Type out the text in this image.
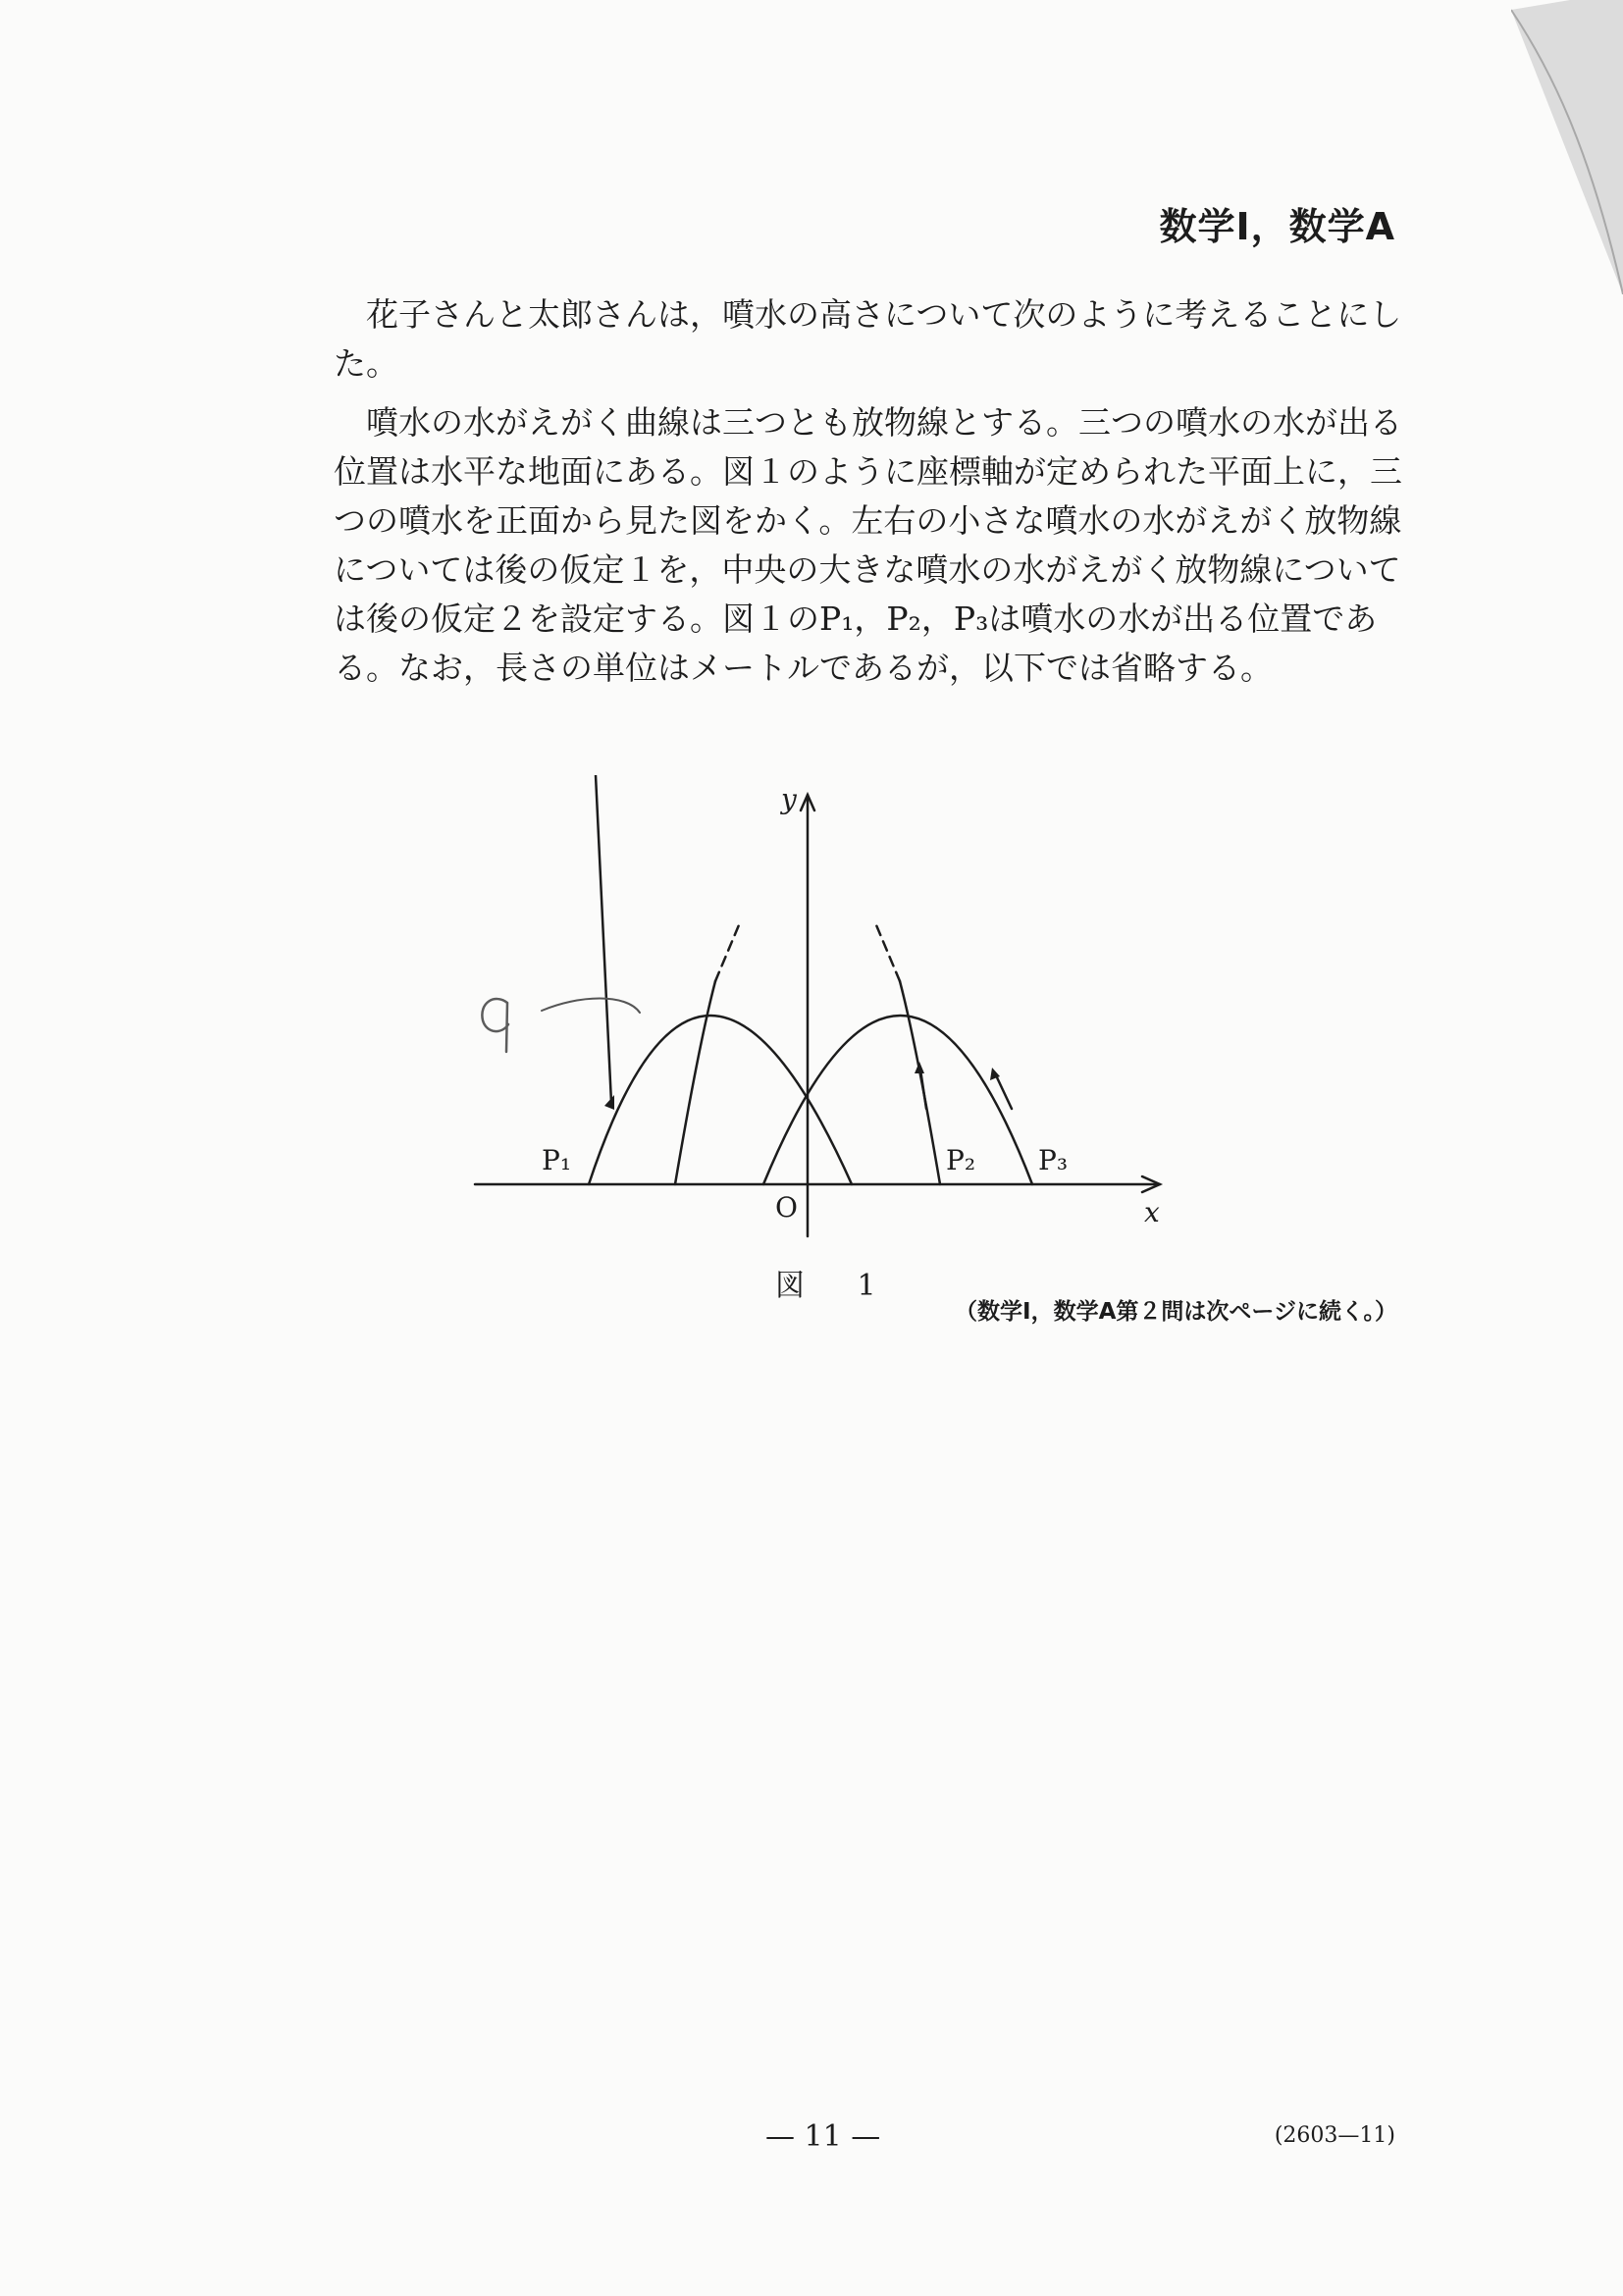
数学Ⅰ，数学A

花子さんと太郎さんは，噴水の高さについて次のように考えることにした。

噴水の水がえがく曲線は三つとも放物線とする。三つの噴水の水が出る位置は水平な地面にある。図１のように座標軸が定められた平面上に，三つの噴水を正面から見た図をかく。左右の小さな噴水の水がえがく放物線については後の仮定１を，中央の大きな噴水の水がえがく放物線については後の仮定２を設定する。図１のP₁，P₂，P₃は噴水の水が出る位置である。なお，長さの単位はメートルであるが，以下では省略する。

P₁	P₂ P₃
O	x
y
図 1
（数学Ⅰ，数学A第２問は次ページに続く。）
— 11 —	(2603—11)
